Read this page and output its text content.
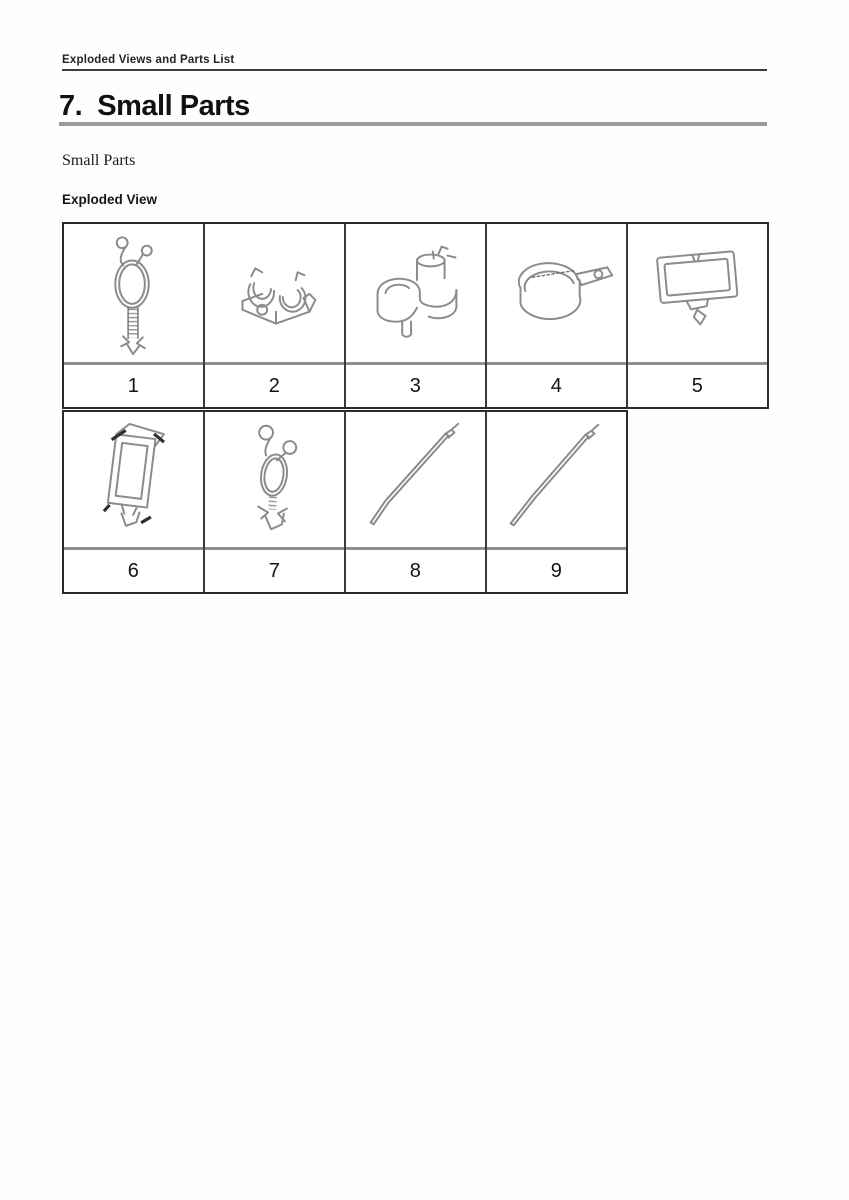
Exploded Views and Parts List
7.  Small Parts
Small Parts
Exploded View
1	2	3	4	5
6	7	8	9
